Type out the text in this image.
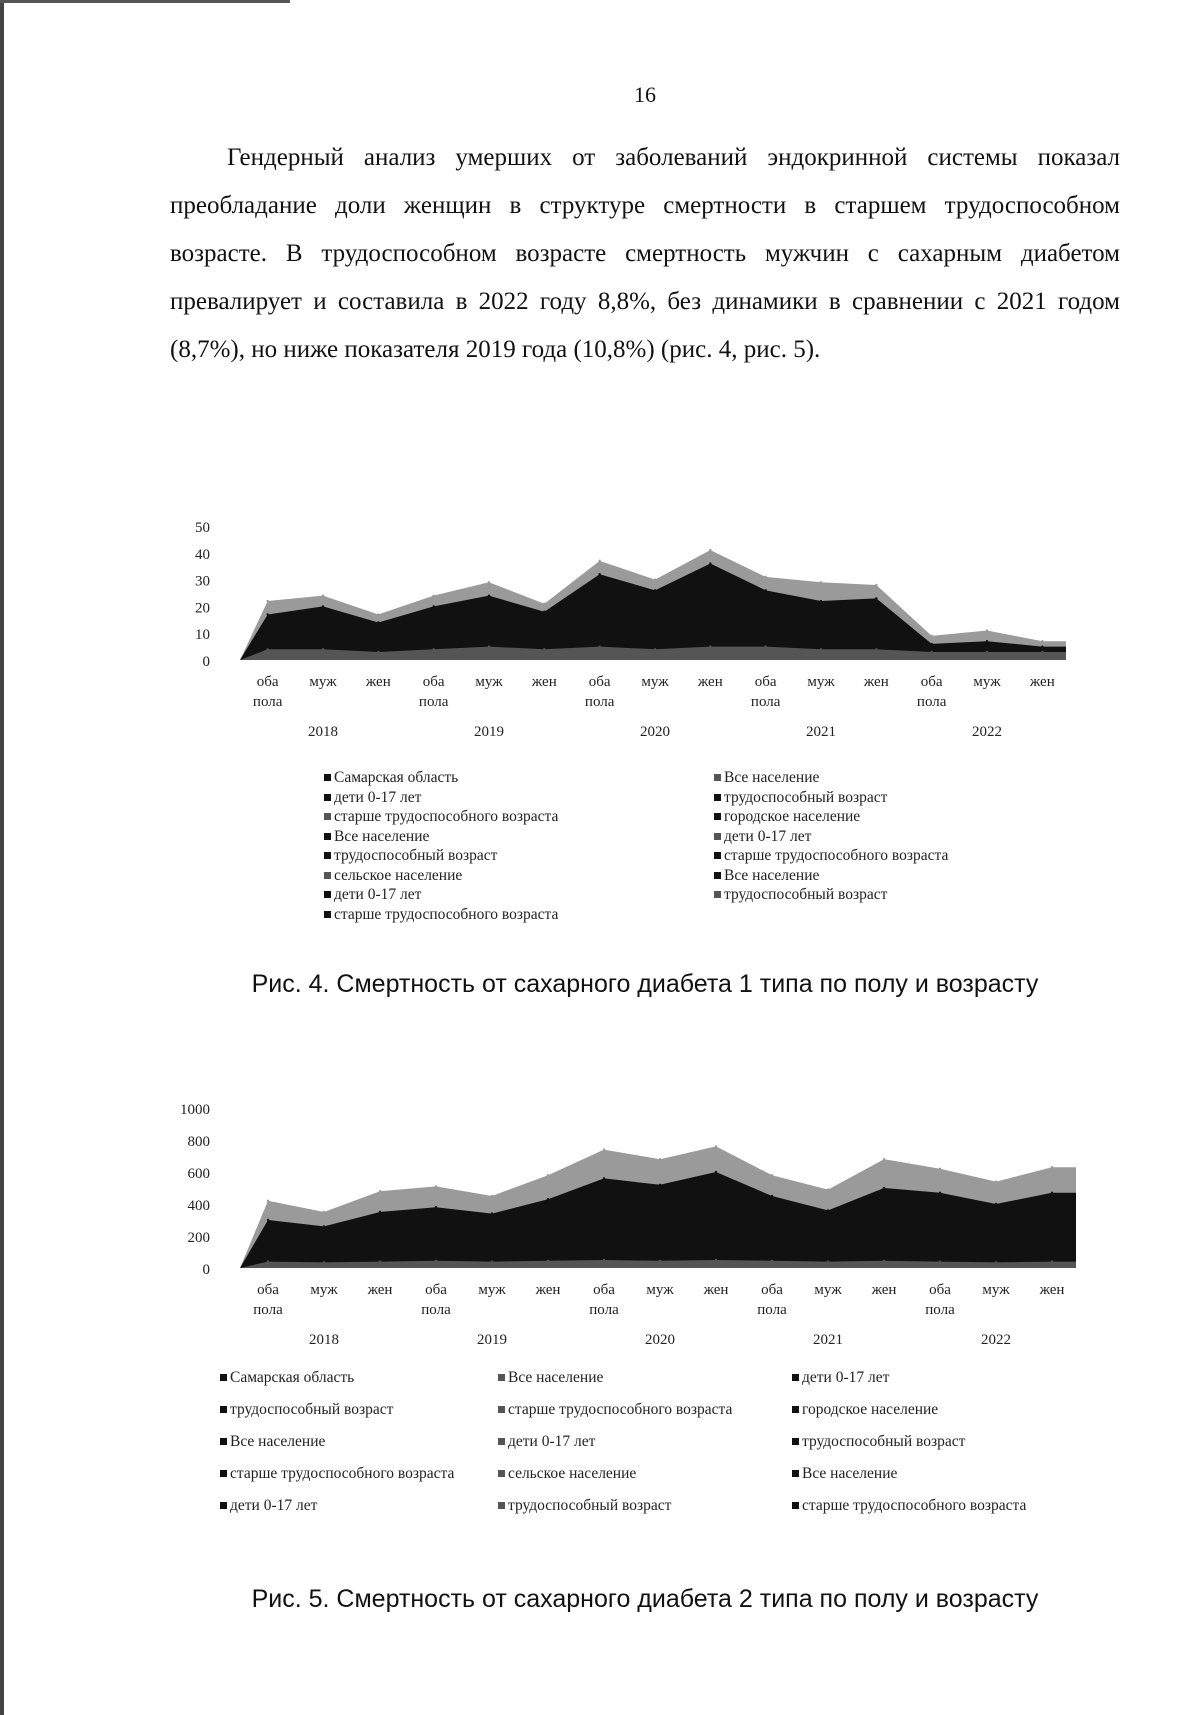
16
Гендерный анализ умерших от заболеваний эндокринной системы показал преобладание доли женщин в структуре смертности в старшем трудоспособном возрасте. В трудоспособном возрасте смертность мужчин с сахарным диабетом превалирует и составила в 2022 году 8,8%, без динамики в сравнении с 2021 годом (8,7%), но ниже показателя 2019 года (10,8%) (рис. 4, рис. 5).
0
10
20
30
40
50
оба
пола
муж жен оба
пола
муж жен оба
пола
муж жен оба
пола
муж жен оба
пола
муж жен
2018	2019	2020	2021	2022
Самарская область	Все население
дети 0-17 лет	трудоспособный возраст
старше трудоспособного возраста	городское население
Все население	дети 0-17 лет
трудоспособный возраст	старше трудоспособного возраста
сельское население	Все население
дети 0-17 лет	трудоспособный возраст
старше трудоспособного возраста
Рис. 4. Смертность от сахарного диабета 1 типа по полу и возрасту
0
200
400
600
800
1000
оба
пола
муж жен оба
пола
муж жен оба
пола
муж жен оба
пола
муж жен оба
пола
муж жен
2018	2019	2020	2021	2022
Самарская область	Все население	дети 0-17 лет
трудоспособный возраст	старше трудоспособного возраста	городское население
Все население	дети 0-17 лет	трудоспособный возраст
старше трудоспособного возраста	сельское население	Все население
дети 0-17 лет	трудоспособный возраст	старше трудоспособного возраста
Рис. 5. Смертность от сахарного диабета 2 типа по полу и возрасту
